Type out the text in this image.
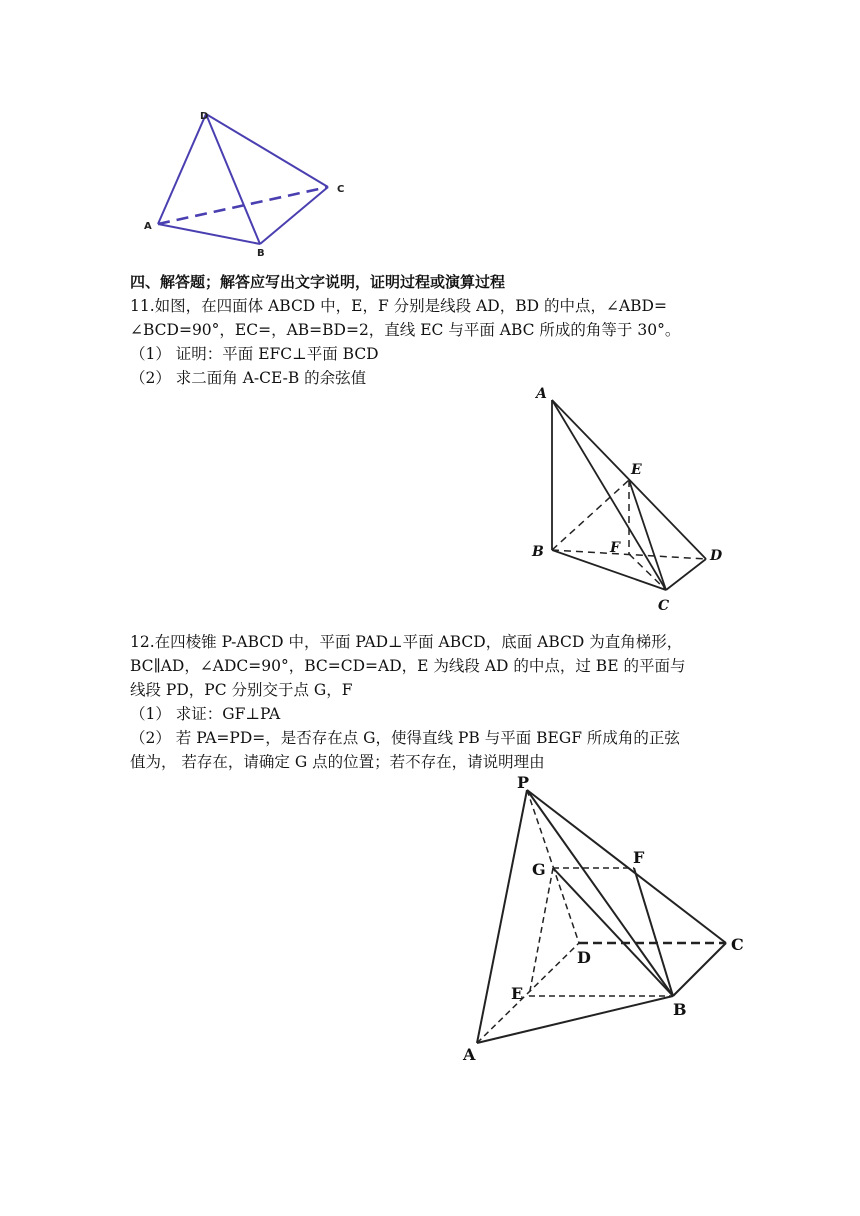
D
C
A
B
四、解答题；解答应写出文字说明，证明过程或演算过程
11.如图，在四面体 ABCD 中，E，F 分别是线段 AD，BD 的中点，∠ABD=
∠BCD=90°，EC=，AB=BD=2，直线 EC 与平面 ABC 所成的角等于 30°。
（1） 证明：平面 EFC⊥平面 BCD
（2） 求二面角 A-CE-B 的余弦值
A
E
B	F	D
C
12.在四棱锥 P-ABCD 中，平面 PAD⊥平面 ABCD，底面 ABCD 为直角梯形，
BC∥AD，∠ADC=90°，BC=CD=AD，E 为线段 AD 的中点，过 BE 的平面与
线段 PD，PC 分别交于点 G，F
（1） 求证：GF⊥PA
（2） 若 PA=PD=，是否存在点 G，使得直线 PB 与平面 BEGF 所成角的正弦
值为， 若存在，请确定 G 点的位置；若不存在，请说明理由
P
G
F
D
C
E
B
A
